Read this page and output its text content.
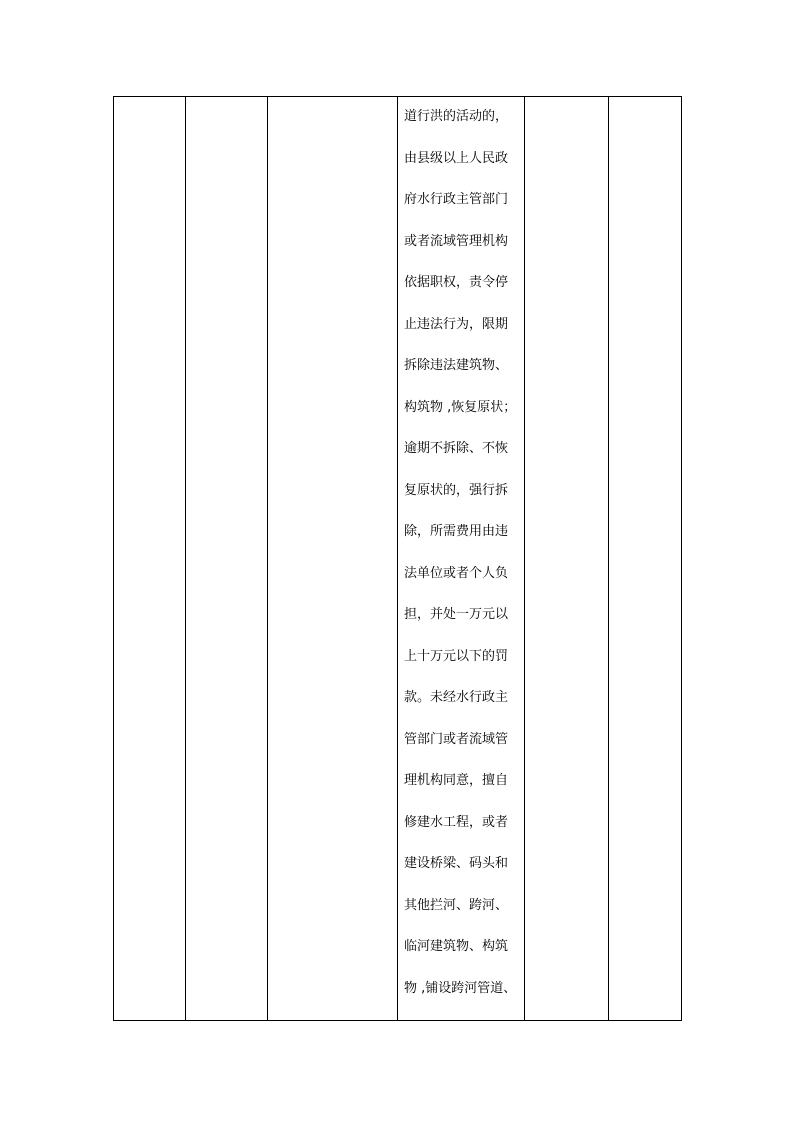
道行洪的活动的，
由县级以上人民政
府水行政主管部门
或者流域管理机构
依据职权，责令停
止违法行为，限期
拆除违法建筑物、
构筑物 ,恢复原状；
逾期不拆除、不恢
复原状的，强行拆
除，所需费用由违
法单位或者个人负
担，并处一万元以
上十万元以下的罚
款。未经水行政主
管部门或者流域管
理机构同意，擅自
修建水工程，或者
建设桥梁、码头和
其他拦河、跨河、
临河建筑物、构筑
物 ,铺设跨河管道、
